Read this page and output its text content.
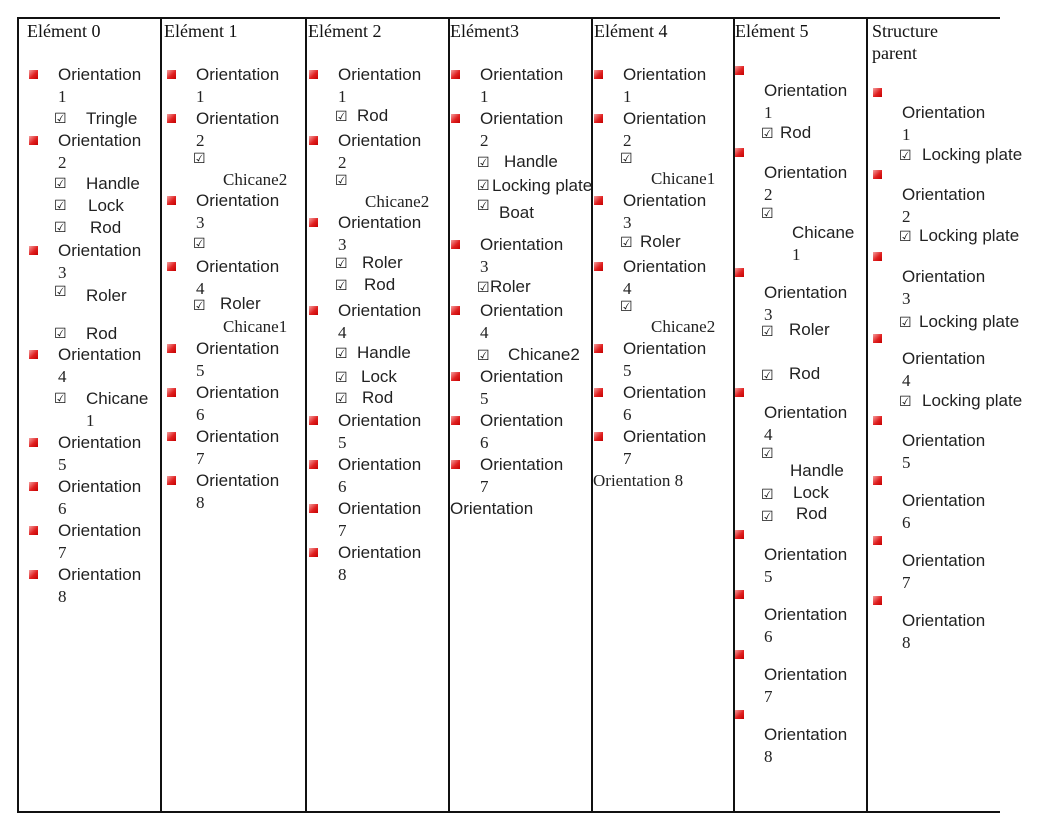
Elément 0
Orientation
1
☑ Tringle
Orientation
2
☑ Handle
☑ Lock
☑ Rod
Orientation
3
☑ Roler
☑ Rod
Orientation
4
☑ Chicane
1
Orientation
5
Orientation
6
Orientation
7
Orientation
8
Elément 1
Orientation
1
Orientation
2
☑
Chicane2
Orientation
3
☑
Orientation
4
☑ Roler
Chicane1
Orientation
5
Orientation
6
Orientation
7
Orientation
8
Elément 2
Orientation
1
☑ Rod
Orientation
2
☑
Chicane2
Orientation
3
☑ Roler
☑ Rod
Orientation
4
☑ Handle
☑ Lock
☑ Rod
Orientation
5
Orientation
6
Orientation
7
Orientation
8
Elément3
Orientation
1
Orientation
2
☑ Handle
☑ Locking plate
☑ Boat
Orientation
3
☑ Roler
Orientation
4
☑ Chicane2
Orientation
5
Orientation
6
Orientation
7
Orientation
Elément 4
Orientation
1
Orientation
2
☑
Chicane1
Orientation
3
☑ Roler
Orientation
4
☑
Chicane2
Orientation
5
Orientation
6
Orientation
7
Orientation 8
Elément 5
Orientation
1
☑ Rod
Orientation
2
☑
Chicane
1
Orientation
3
☑ Roler
☑ Rod
Orientation
4
☑
Handle
☑ Lock
☑ Rod
Orientation
5
Orientation
6
Orientation
7
Orientation
8
Structure
parent
Orientation
1
☑ Locking plate
Orientation
2
☑ Locking plate
Orientation
3
☑ Locking plate
Orientation
4
☑ Locking plate
Orientation
5
Orientation
6
Orientation
7
Orientation
8
